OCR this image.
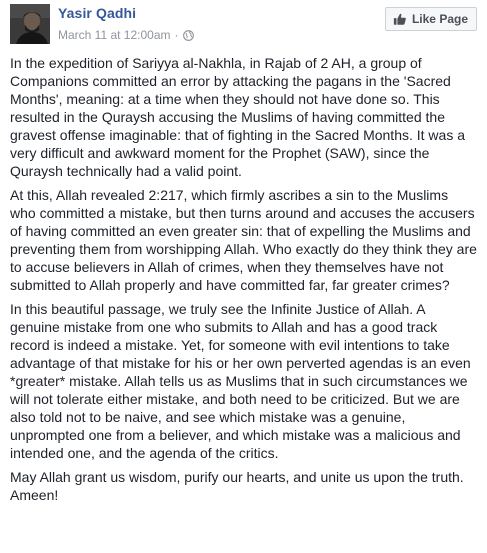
Yasir Qadhi
March 11 at 12:00am ·
Like Page

In the expedition of Sariyya al-Nakhla, in Rajab of 2 AH, a group of Companions committed an error by attacking the pagans in the 'Sacred Months', meaning: at a time when they should not have done so. This resulted in the Quraysh accusing the Muslims of having committed the gravest offense imaginable: that of fighting in the Sacred Months. It was a very difficult and awkward moment for the Prophet (SAW), since the Quraysh technically had a valid point.

At this, Allah revealed 2:217, which firmly ascribes a sin to the Muslims who committed a mistake, but then turns around and accuses the accusers of having committed an even greater sin: that of expelling the Muslims and preventing them from worshipping Allah. Who exactly do they think they are to accuse believers in Allah of crimes, when they themselves have not submitted to Allah properly and have committed far, far greater crimes?

In this beautiful passage, we truly see the Infinite Justice of Allah. A genuine mistake from one who submits to Allah and has a good track record is indeed a mistake. Yet, for someone with evil intentions to take advantage of that mistake for his or her own perverted agendas is an even *greater* mistake. Allah tells us as Muslims that in such circumstances we will not tolerate either mistake, and both need to be criticized. But we are also told not to be naive, and see which mistake was a genuine, unprompted one from a believer, and which mistake was a malicious and intended one, and the agenda of the critics.

May Allah grant us wisdom, purify our hearts, and unite us upon the truth. Ameen!
